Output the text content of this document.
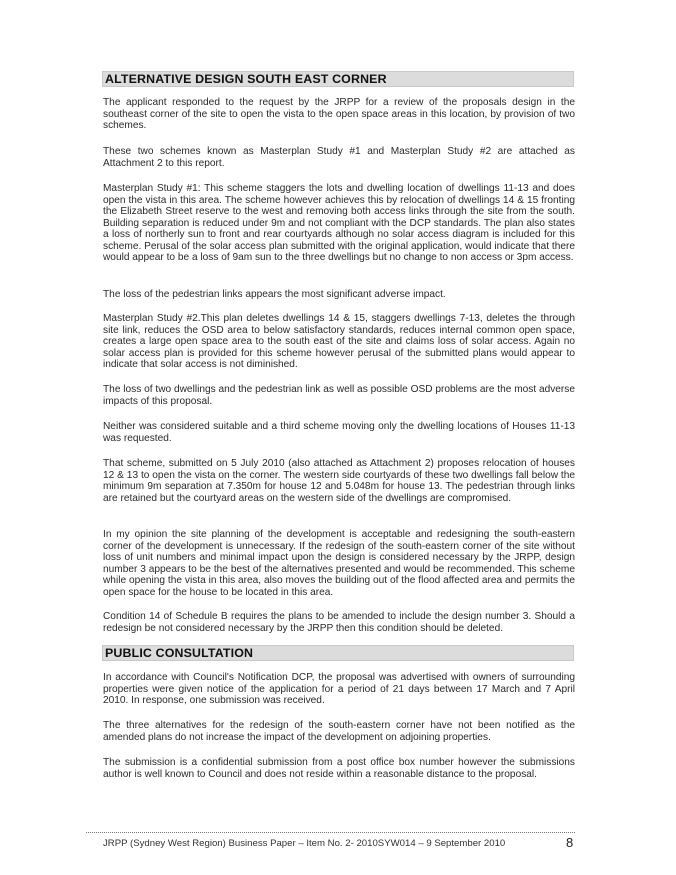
ALTERNATIVE DESIGN SOUTH EAST CORNER

The applicant responded to the request by the JRPP for a review of the proposals design in the southeast corner of the site to open the vista to the open space areas in this location, by provision of two schemes.

These two schemes known as Masterplan Study #1 and Masterplan Study #2 are attached as Attachment 2 to this report.

Masterplan Study #1: This scheme staggers the lots and dwelling location of dwellings 11-13 and does open the vista in this area. The scheme however achieves this by relocation of dwellings 14 & 15 fronting the Elizabeth Street reserve to the west and removing both access links through the site from the south. Building separation is reduced under 9m and not compliant with the DCP standards. The plan also states a loss of northerly sun to front and rear courtyards although no solar access diagram is included for this scheme. Perusal of the solar access plan submitted with the original application, would indicate that there would appear to be a loss of 9am sun to the three dwellings but no change to non access or 3pm access.

The loss of the pedestrian links appears the most significant adverse impact.

Masterplan Study #2.This plan deletes dwellings 14 & 15, staggers dwellings 7-13, deletes the through site link, reduces the OSD area to below satisfactory standards, reduces internal common open space, creates a large open space area to the south east of the site and claims loss of solar access. Again no solar access plan is provided for this scheme however perusal of the submitted plans would appear to indicate that solar access is not diminished.

The loss of two dwellings and the pedestrian link as well as possible OSD problems are the most adverse impacts of this proposal.

Neither was considered suitable and a third scheme moving only the dwelling locations of Houses 11-13 was requested.

That scheme, submitted on 5 July 2010 (also attached as Attachment 2) proposes relocation of houses 12 & 13 to open the vista on the corner. The western side courtyards of these two dwellings fall below the minimum 9m separation at 7.350m for house 12 and 5.048m for house 13. The pedestrian through links are retained but the courtyard areas on the western side of the dwellings are compromised.

In my opinion the site planning of the development is acceptable and redesigning the south-eastern corner of the development is unnecessary. If the redesign of the south-eastern corner of the site without loss of unit numbers and minimal impact upon the design is considered necessary by the JRPP, design number 3 appears to be the best of the alternatives presented and would be recommended. This scheme while opening the vista in this area, also moves the building out of the flood affected area and permits the open space for the house to be located in this area.

Condition 14 of Schedule B requires the plans to be amended to include the design number 3. Should a redesign be not considered necessary by the JRPP then this condition should be deleted.

PUBLIC CONSULTATION

In accordance with Council's Notification DCP, the proposal was advertised with owners of surrounding properties were given notice of the application for a period of 21 days between 17 March and 7 April 2010. In response, one submission was received.

The three alternatives for the redesign of the south-eastern corner have not been notified as the amended plans do not increase the impact of the development on adjoining properties.

The submission is a confidential submission from a post office box number however the submissions author is well known to Council and does not reside within a reasonable distance to the proposal.

JRPP (Sydney West Region) Business Paper – Item No. 2- 2010SYW014 – 9 September 2010	8
